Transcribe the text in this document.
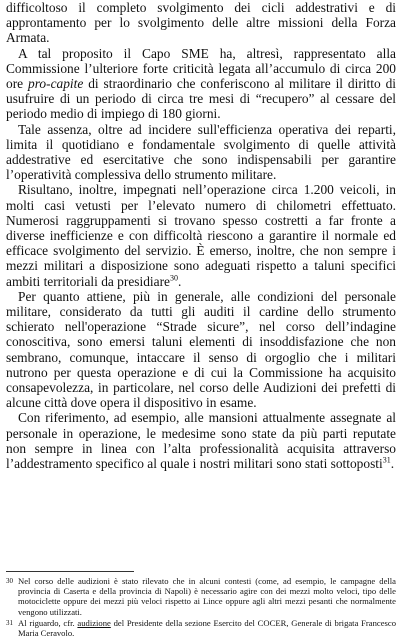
difficoltoso il completo svolgimento dei cicli addestrativi e di approntamento per lo svolgimento delle altre missioni della Forza Armata.

A tal proposito il Capo SME ha, altresì, rappresentato alla Commissione l’ulteriore forte criticità legata all’accumulo di circa 200 ore pro-capite di straordinario che conferiscono al militare il diritto di usufruire di un periodo di circa tre mesi di “recupero” al cessare del periodo medio di impiego di 180 giorni.

Tale assenza, oltre ad incidere sull'efficienza operativa dei reparti, limita il quotidiano e fondamentale svolgimento di quelle attività addestrative ed esercitative che sono indispensabili per garantire l’operatività complessiva dello strumento militare.

Risultano, inoltre, impegnati nell’operazione circa 1.200 veicoli, in molti casi vetusti per l’elevato numero di chilometri effettuato. Numerosi raggruppamenti si trovano spesso costretti a far fronte a diverse inefficienze e con difficoltà riescono a garantire il normale ed efficace svolgimento del servizio. È emerso, inoltre, che non sempre i mezzi militari a disposizione sono adeguati rispetto a taluni specifici ambiti territoriali da presidiare$^{30}$.

Per quanto attiene, più in generale, alle condizioni del personale militare, considerato da tutti gli auditi il cardine dello strumento schierato nell'operazione “Strade sicure”, nel corso dell’indagine conoscitiva, sono emersi taluni elementi di insoddisfazione che non sembrano, comunque, intaccare il senso di orgoglio che i militari nutrono per questa operazione e di cui la Commissione ha acquisito consapevolezza, in particolare, nel corso delle Audizioni dei prefetti di alcune città dove opera il dispositivo in esame.

Con riferimento, ad esempio, alle mansioni attualmente assegnate al personale in operazione, le medesime sono state da più parti reputate non sempre in linea con l’alta professionalità acquisita attraverso l’addestramento specifico al quale i nostri militari sono stati sottoposti$^{31}$.

30 Nel corso delle audizioni è stato rilevato che in alcuni contesti (come, ad esempio, le campagne della provincia di Caserta e della provincia di Napoli) è necessario agire con dei mezzi molto veloci, tipo delle motociclette oppure dei mezzi più veloci rispetto ai Lince oppure agli altri mezzi pesanti che normalmente vengono utilizzati.
31 Al riguardo, cfr. audizione del Presidente della sezione Esercito del COCER, Generale di brigata Francesco Maria Ceravolo.
